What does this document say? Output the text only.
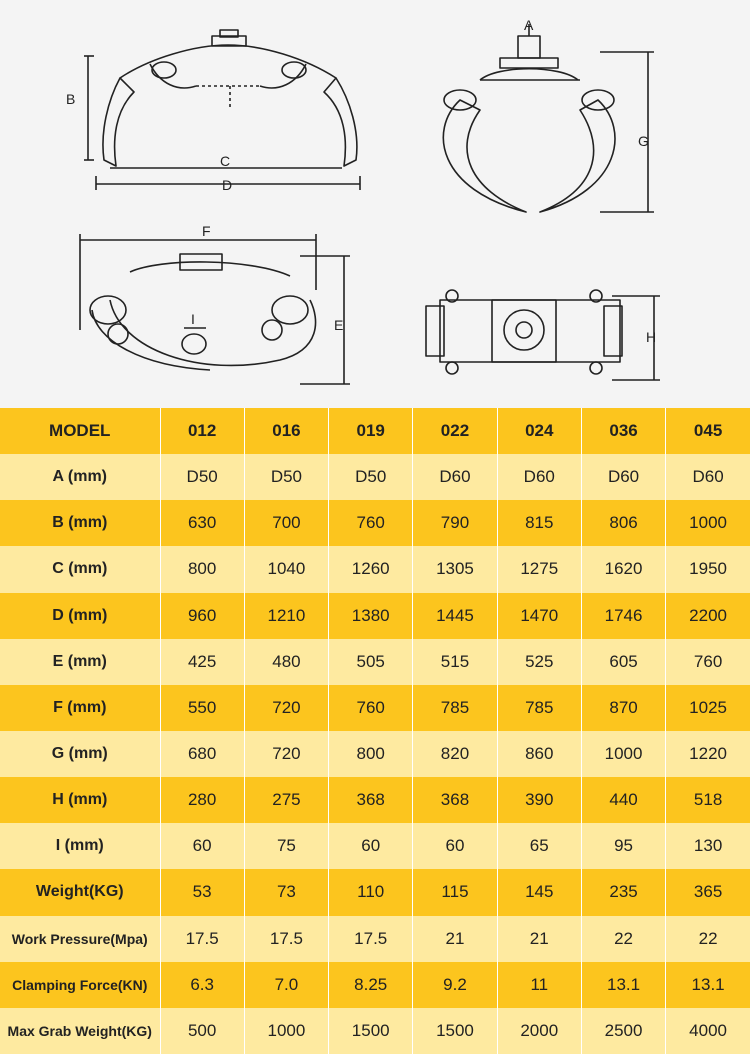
A
B
C
D
E
F
G
H
I
MODEL	012	016	019	022	024	036	045
A (mm)	D50	D50	D50	D60	D60	D60	D60
B (mm)	630	700	760	790	815	806	1000
C (mm)	800	1040	1260	1305	1275	1620	1950
D (mm)	960	1210	1380	1445	1470	1746	2200
E (mm)	425	480	505	515	525	605	760
F (mm)	550	720	760	785	785	870	1025
G (mm)	680	720	800	820	860	1000	1220
H (mm)	280	275	368	368	390	440	518
I (mm)	60	75	60	60	65	95	130
Weight(KG)	53	73	110	115	145	235	365
Work Pressure(Mpa)	17.5	17.5	17.5	21	21	22	22
Clamping Force(KN)	6.3	7.0	8.25	9.2	11	13.1	13.1
Max Grab Weight(KG)	500	1000	1500	1500	2000	2500	4000
